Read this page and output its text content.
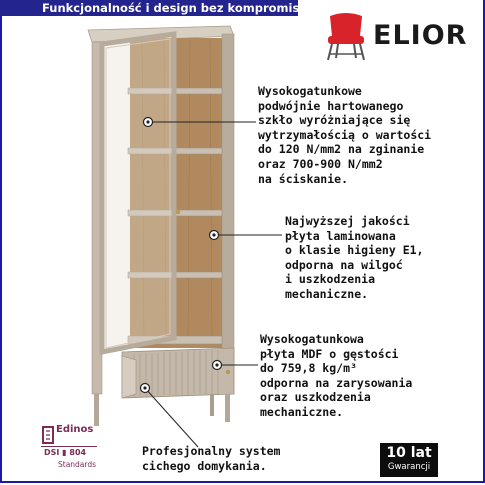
Funkcjonalność i design bez kompromisów
ELIOR
Wysokogatunkowe
podwójnie hartowanego
szkło wyróżniające się
wytrzymałością o wartości
do 120 N/mm2 na zginanie
oraz 700-900 N/mm2
na ściskanie.
Najwyższej jakości
płyta laminowana
o klasie higieny E1,
odporna na wilgoć
i uszkodzenia
mechaniczne.
Wysokogatunkowa
płyta MDF o gęstości
do 759,8 kg/m³
odporna na zarysowania
oraz uszkodzenia
mechaniczne.
Profesjonalny system
cichego domykania.
Edinos
DSI ▮ 804
Standards
10 lat
Gwarancji
